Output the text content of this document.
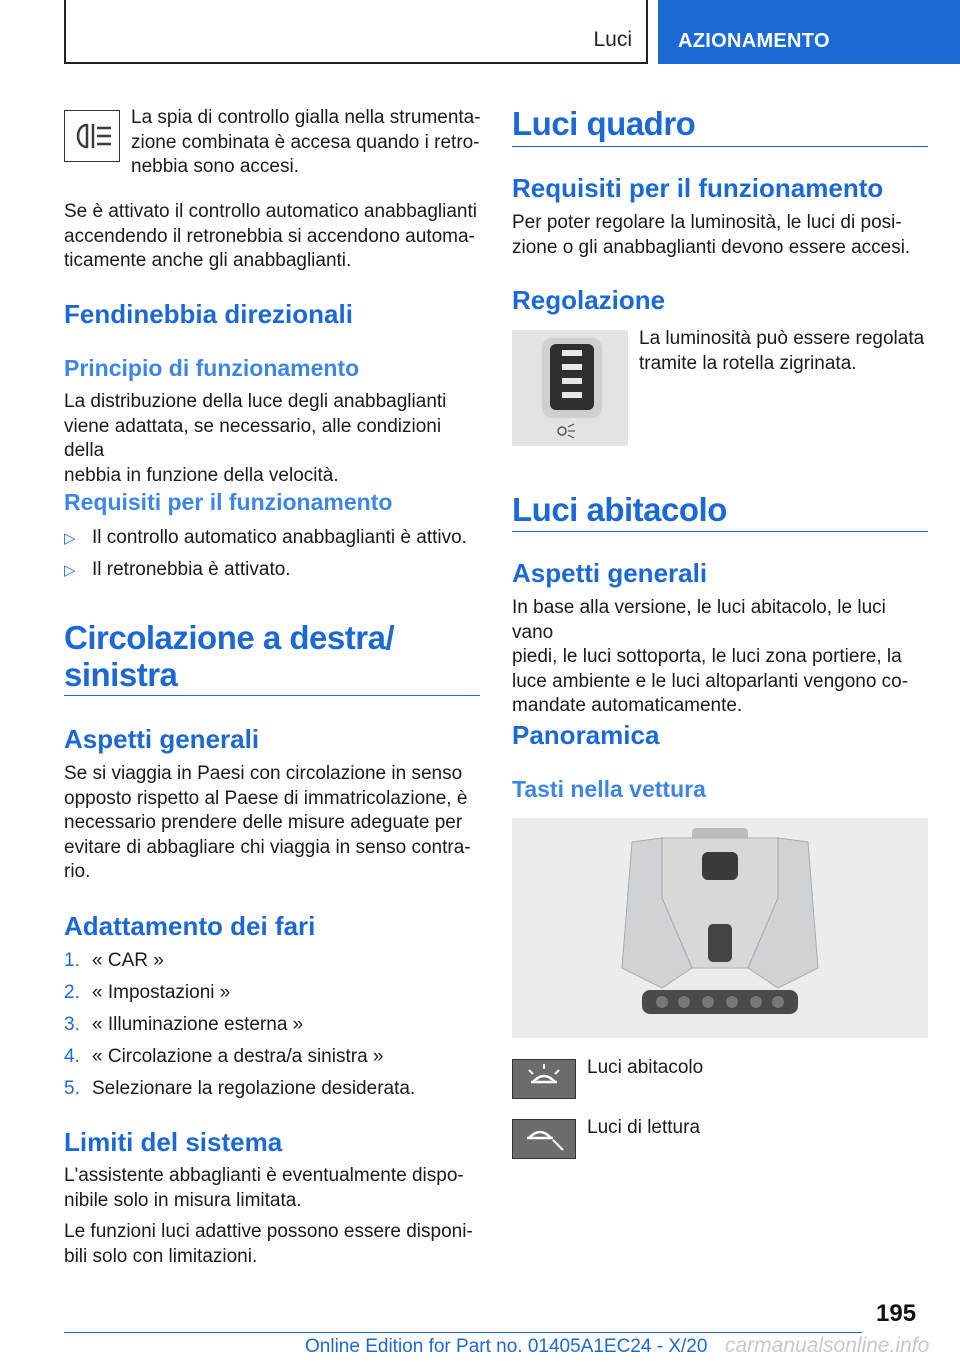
Luci AZIONAMENTO

La spia di controllo gialla nella strumenta-
zione combinata è accesa quando i retro-
nebbia sono accesi.

Se è attivato il controllo automatico anabbaglianti
accendendo il retronebbia si accendono automa-
ticamente anche gli anabbaglianti.

Fendinebbia direzionali
Principio di funzionamento

La distribuzione della luce degli anabbaglianti
viene adattata, se necessario, alle condizioni della
nebbia in funzione della velocità.

Requisiti per il funzionamento
▷ Il controllo automatico anabbaglianti è attivo.
▷ Il retronebbia è attivato.
Circolazione a destra/
sinistra
Aspetti generali

Se si viaggia in Paesi con circolazione in senso
opposto rispetto al Paese di immatricolazione, è
necessario prendere delle misure adeguate per
evitare di abbagliare chi viaggia in senso contra-
rio.

Adattamento dei fari
1. « CAR »
2. « Impostazioni »
3. « Illuminazione esterna »
4. « Circolazione a destra/a sinistra »
5. Selezionare la regolazione desiderata.
Limiti del sistema

L'assistente abbaglianti è eventualmente dispo-
nibile solo in misura limitata.

Le funzioni luci adattive possono essere disponi-
bili solo con limitazioni.

Luci quadro
Requisiti per il funzionamento

Per poter regolare la luminosità, le luci di posi-
zione o gli anabbaglianti devono essere accesi.

Regolazione

La luminosità può essere regolata
tramite la rotella zigrinata.

Luci abitacolo
Aspetti generali

In base alla versione, le luci abitacolo, le luci vano
piedi, le luci sottoporta, le luci zona portiere, la
luce ambiente e le luci altoparlanti vengono co-
mandate automaticamente.

Panoramica
Tasti nella vettura

Luci abitacolo

Luci di lettura

195
Online Edition for Part no. 01405A1EC24 - X/20 carmanualsonline.info
